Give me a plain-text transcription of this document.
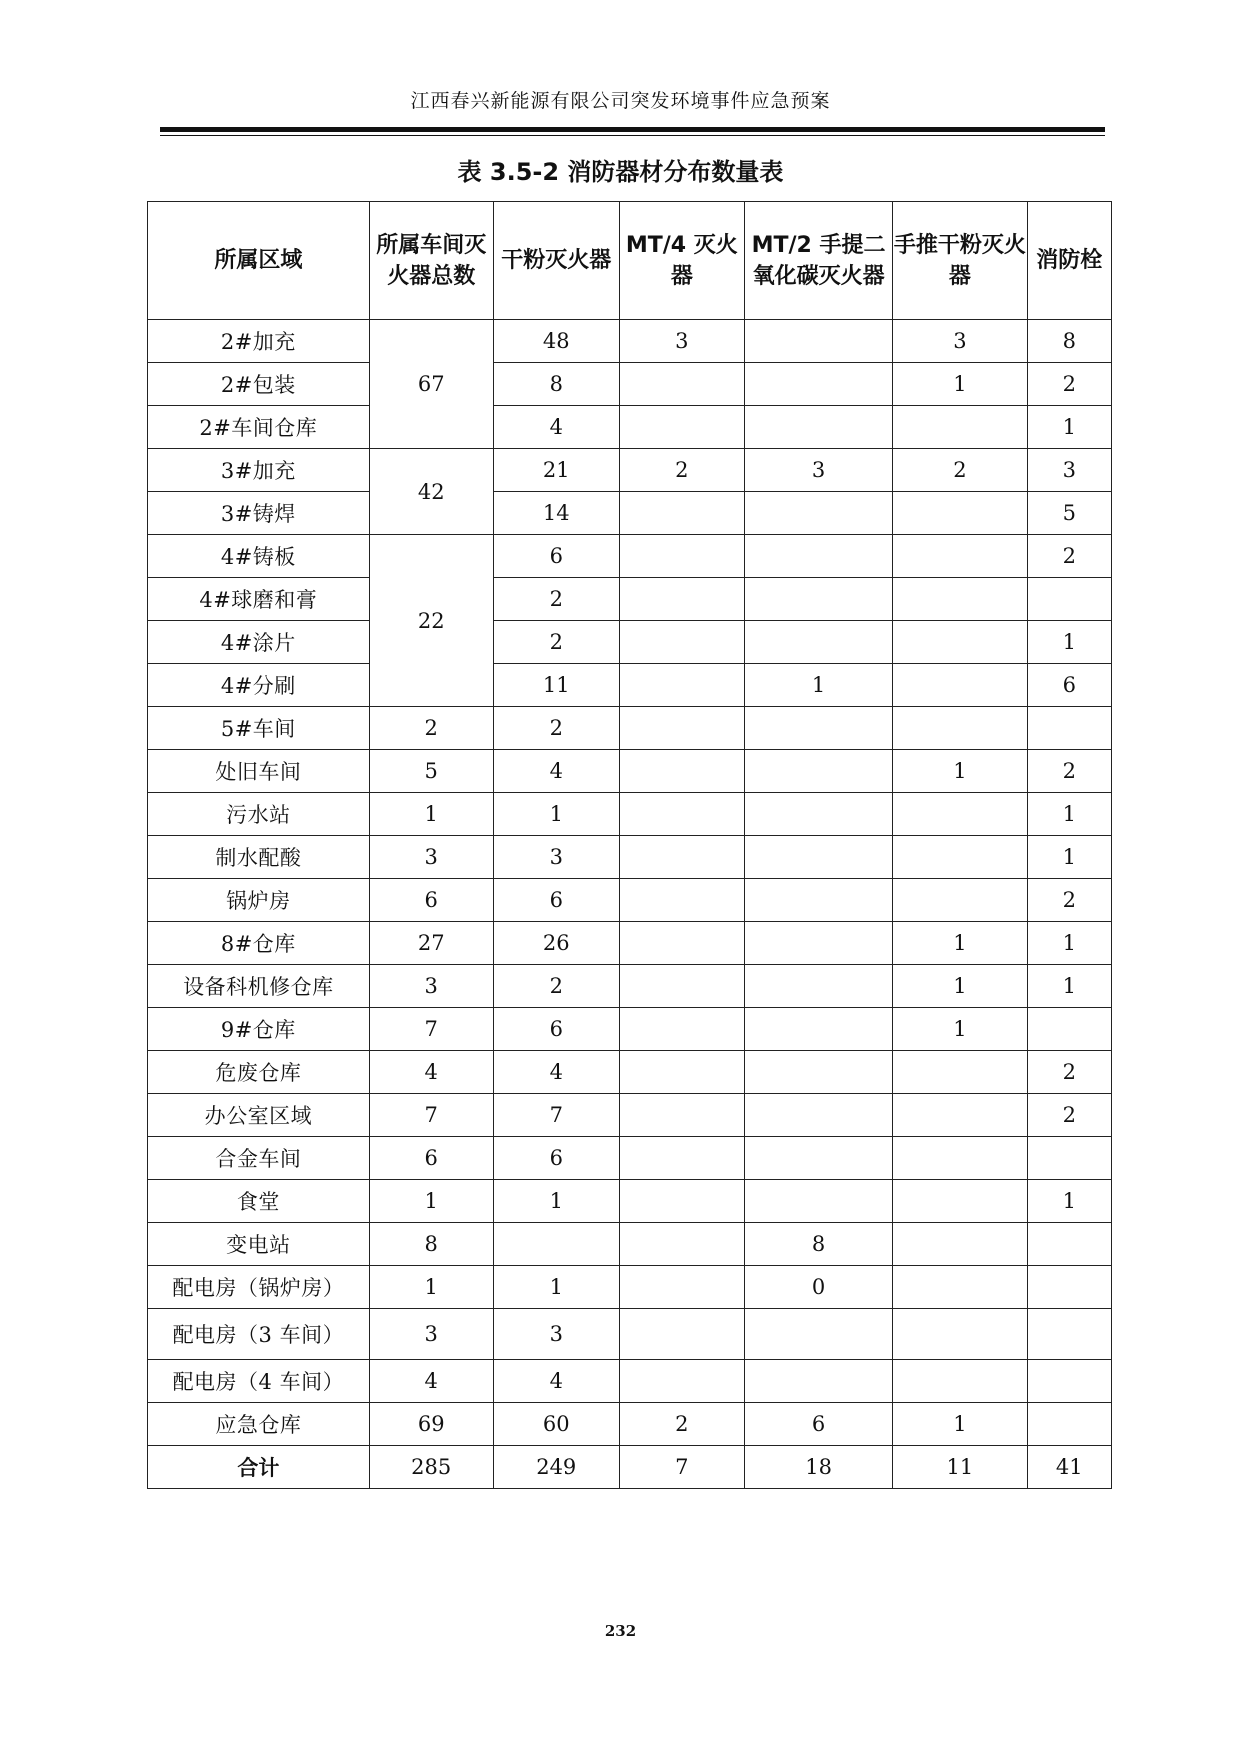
江西春兴新能源有限公司突发环境事件应急预案
表 3.5-2 消防器材分布数量表
所属区域	所属车间灭火器总数	干粉灭火器	MT/4 灭火器	MT/2 手提二氧化碳灭火器	手推干粉灭火器	消防栓
2#加充	67	48	3		3	8
2#包装		8			1	2
2#车间仓库		4				1
3#加充	42	21	2	3	2	3
3#铸焊		14				5
4#铸板	22	6				2
4#球磨和膏		2				
4#涂片		2				1
4#分刷		11		1		6
5#车间	2	2				
处旧车间	5	4			1	2
污水站	1	1				1
制水配酸	3	3				1
锅炉房	6	6				2
8#仓库	27	26			1	1
设备科机修仓库	3	2			1	1
9#仓库	7	6			1	
危废仓库	4	4				2
办公室区域	7	7				2
合金车间	6	6				
食堂	1	1				1
变电站	8			8		
配电房（锅炉房）	1	1		0		
配电房（3 车间）	3	3				
配电房（4 车间）	4	4				
应急仓库	69	60	2	6	1	
合计	285	249	7	18	11	41
232
